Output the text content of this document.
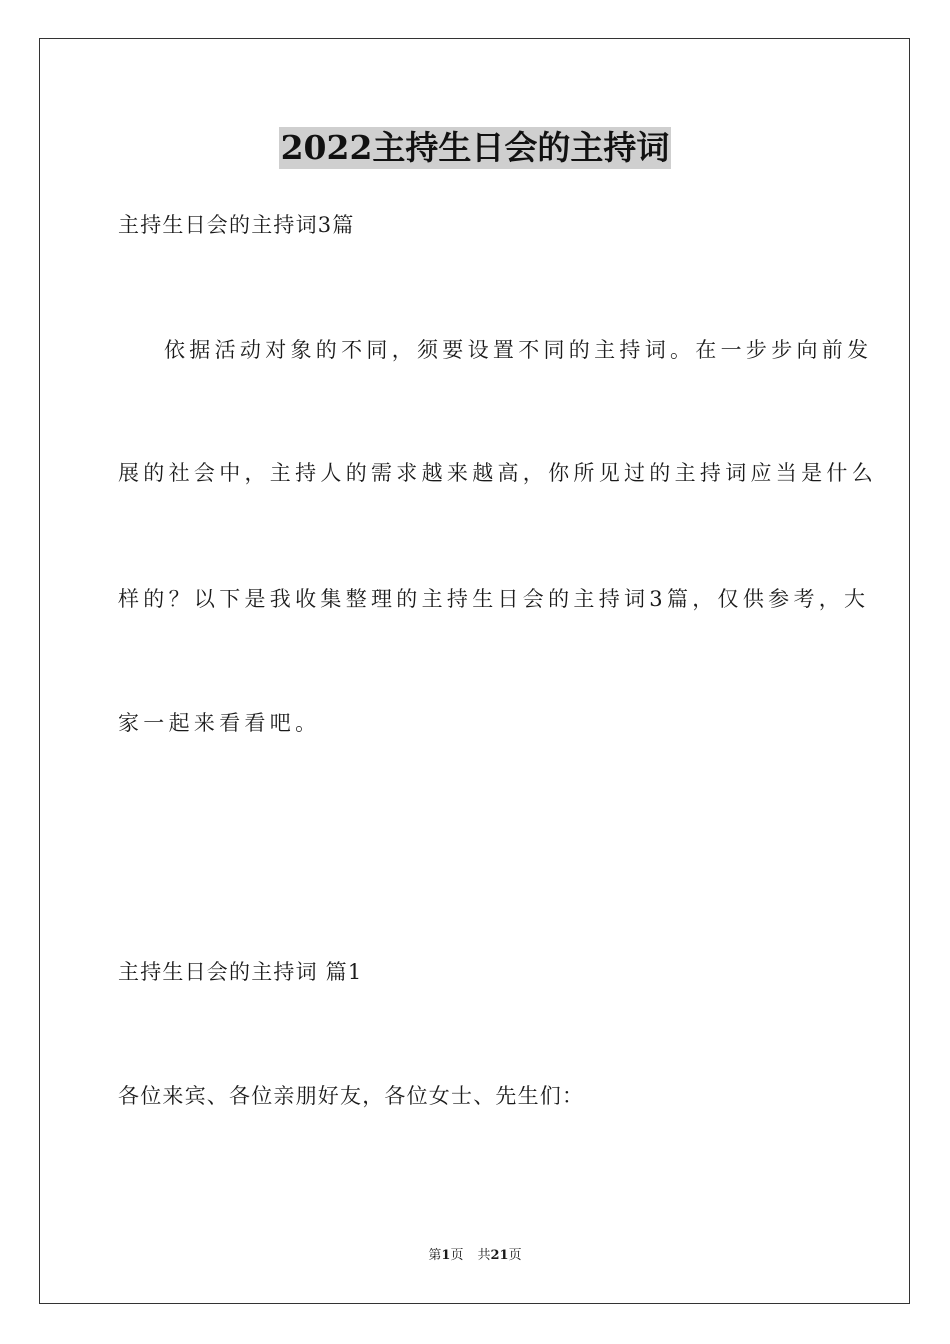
2022主持生日会的主持词
主持生日会的主持词3篇
依据活动对象的不同，须要设置不同的主持词。在一步步向前发
展的社会中，主持人的需求越来越高，你所见过的主持词应当是什么
样的？以下是我收集整理的主持生日会的主持词3篇，仅供参考，大
家一起来看看吧。
主持生日会的主持词 篇1
各位来宾、各位亲朋好友，各位女士、先生们：
第1页 共21页
